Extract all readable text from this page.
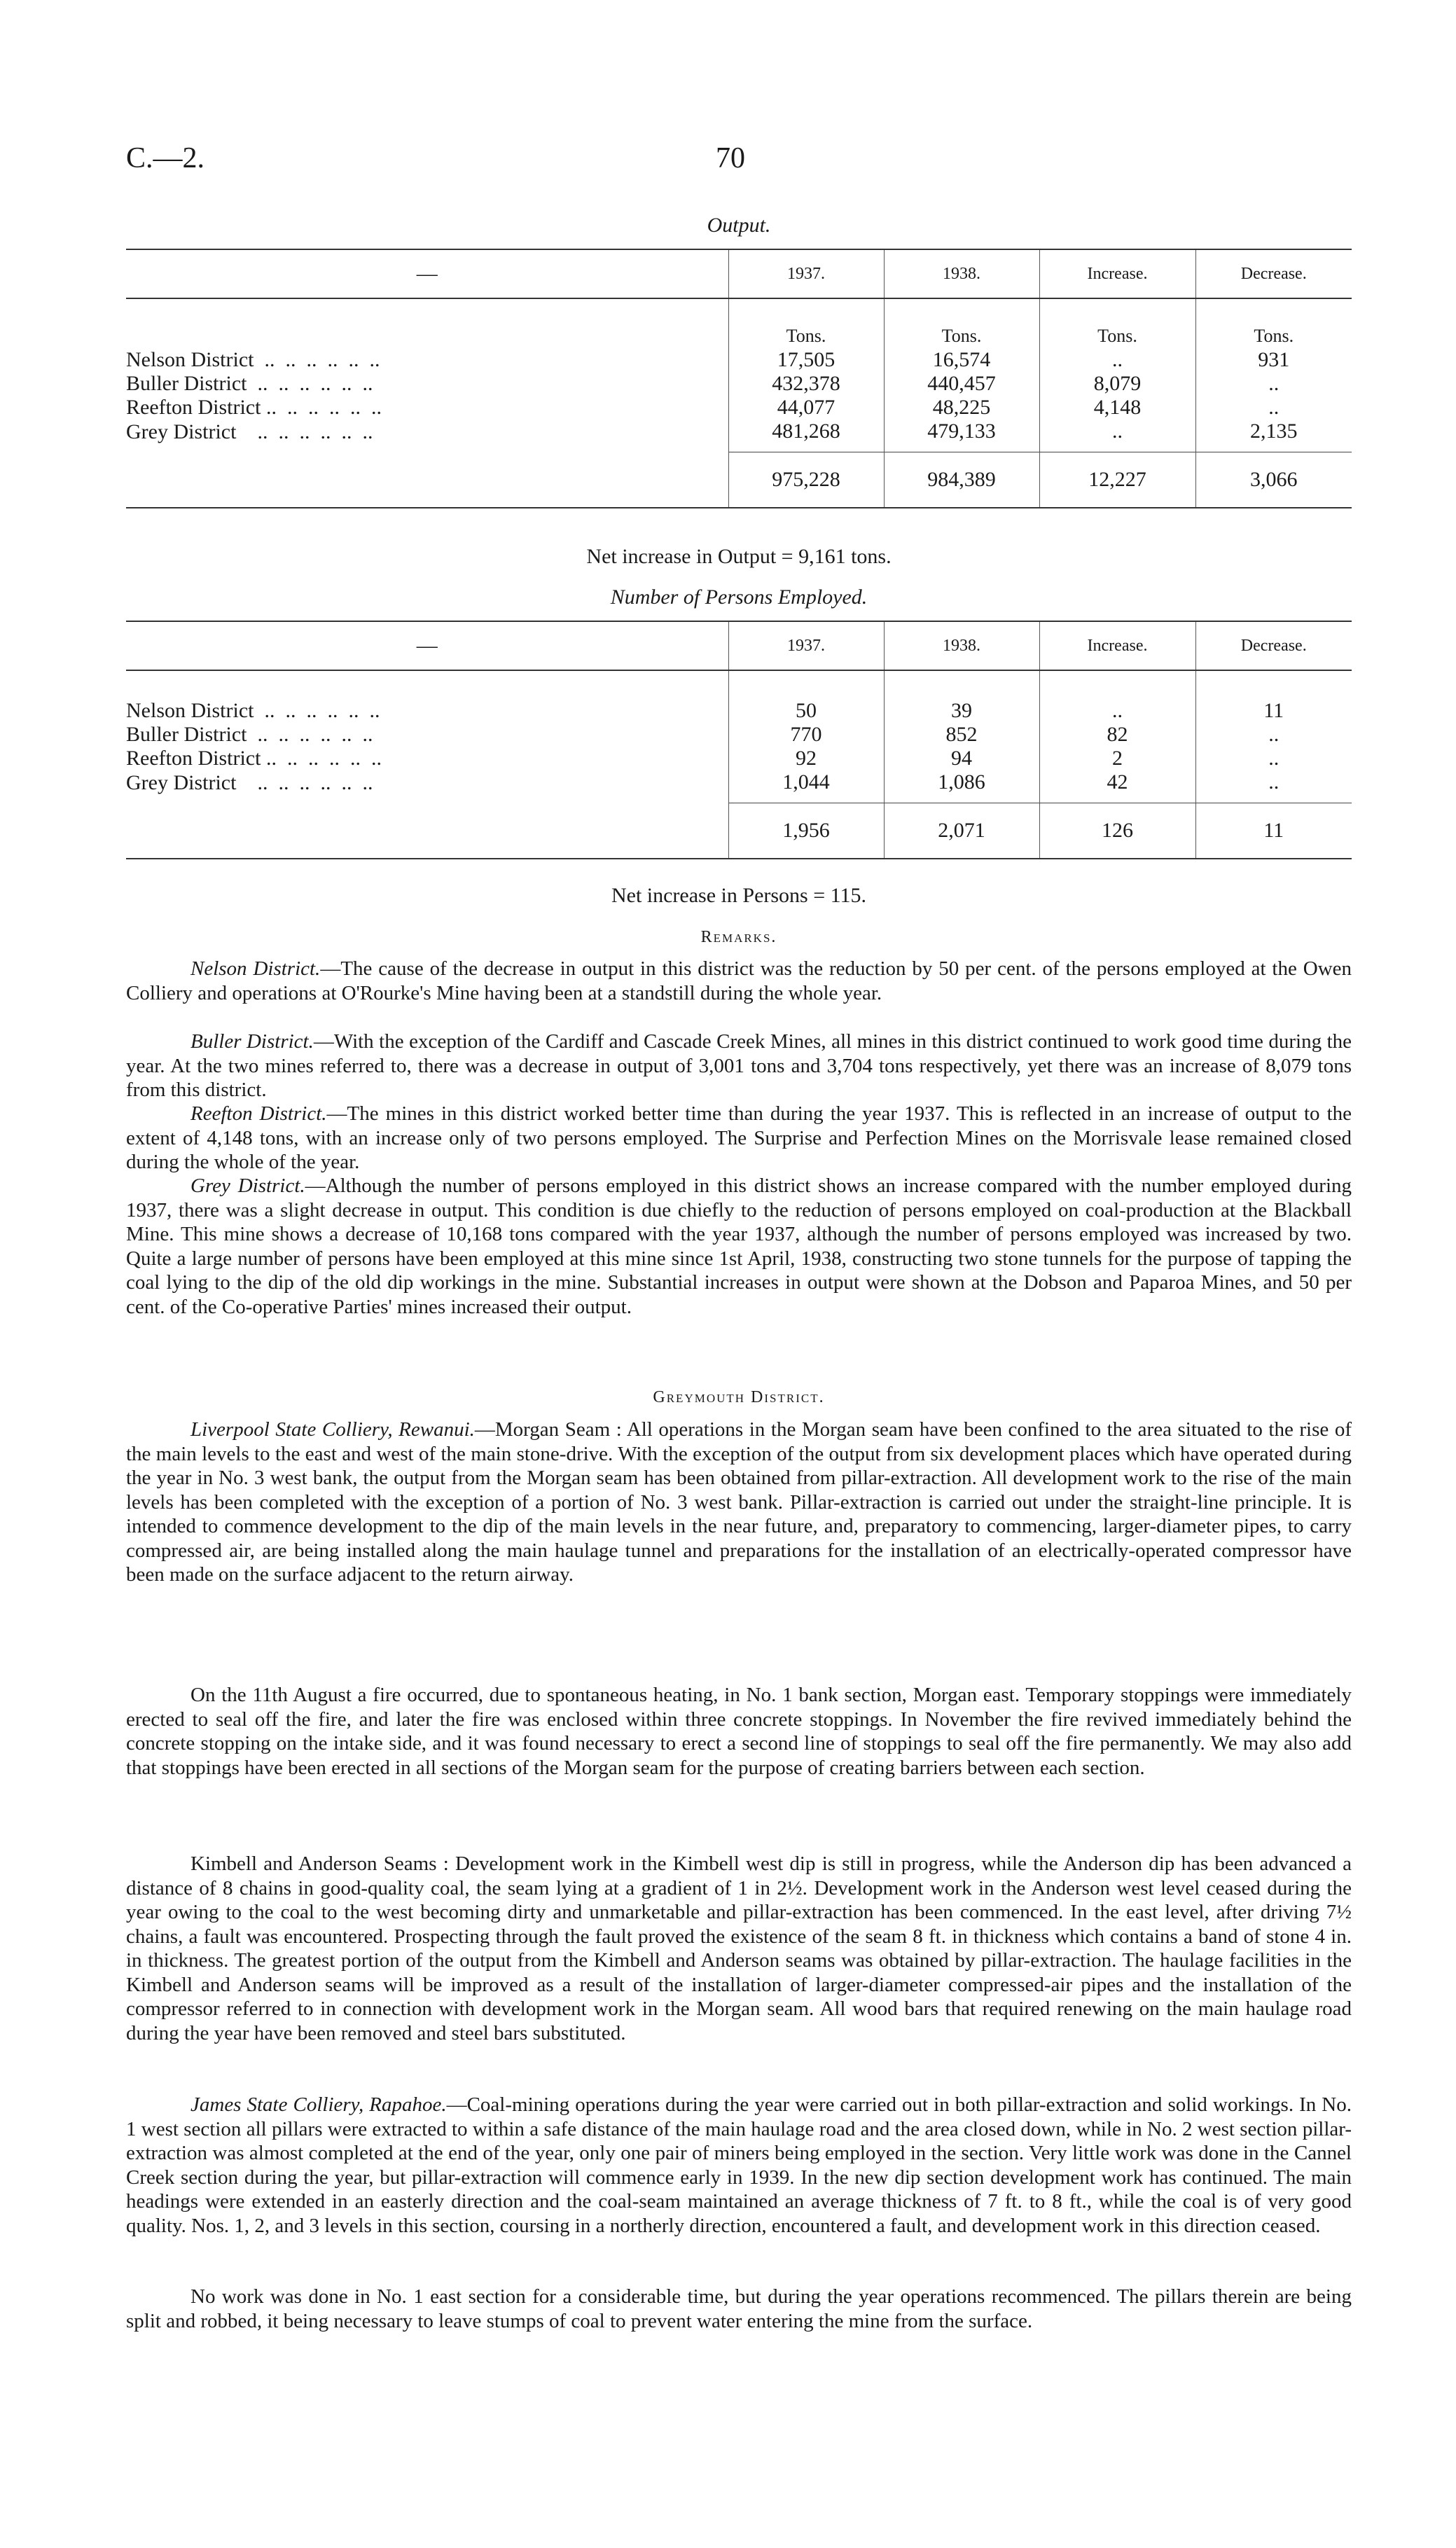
C.—2.	70
Output.
—	1937.	1938.	Increase.	Decrease.

	Tons.	Tons.	Tons.	Tons.
Nelson District  ..  ..  ..  ..  ..  ..	17,505	16,574	..	931
Buller District  ..  ..  ..  ..  ..  ..	432,378	440,457	8,079	..
Reefton District ..  ..  ..  ..  ..  ..	44,077	48,225	4,148	..
Grey District    ..  ..  ..  ..  ..  ..	481,268	479,133	..	2,135
	975,228	984,389	12,227	3,066
Net increase in Output = 9,161 tons.
Number of Persons Employed.
—	1937.	1938.	Increase.	Decrease.

Nelson District  ..  ..  ..  ..  ..  ..	50	39	..	11
Buller District  ..  ..  ..  ..  ..  ..	770	852	82	..
Reefton District ..  ..  ..  ..  ..  ..	92	94	2	..
Grey District    ..  ..  ..  ..  ..  ..	1,044	1,086	42	..
	1,956	2,071	126	11
Net increase in Persons = 115.
Remarks.

Nelson District.—The cause of the decrease in output in this district was the reduction by 50 per cent. of the persons employed at the Owen Colliery and operations at O'Rourke's Mine having been at a standstill during the whole year.

Buller District.—With the exception of the Cardiff and Cascade Creek Mines, all mines in this district continued to work good time during the year. At the two mines referred to, there was a decrease in output of 3,001 tons and 3,704 tons respectively, yet there was an increase of 8,079 tons from this district.

Reefton District.—The mines in this district worked better time than during the year 1937. This is reflected in an increase of output to the extent of 4,148 tons, with an increase only of two persons employed. The Surprise and Perfection Mines on the Morrisvale lease remained closed during the whole of the year.

Grey District.—Although the number of persons employed in this district shows an increase compared with the number employed during 1937, there was a slight decrease in output. This condition is due chiefly to the reduction of persons employed on coal-production at the Blackball Mine. This mine shows a decrease of 10,168 tons compared with the year 1937, although the number of persons employed was increased by two. Quite a large number of persons have been employed at this mine since 1st April, 1938, constructing two stone tunnels for the purpose of tapping the coal lying to the dip of the old dip workings in the mine. Substantial increases in output were shown at the Dobson and Paparoa Mines, and 50 per cent. of the Co-operative Parties' mines increased their output.

Greymouth District.

Liverpool State Colliery, Rewanui.—Morgan Seam : All operations in the Morgan seam have been confined to the area situated to the rise of the main levels to the east and west of the main stone-drive. With the exception of the output from six development places which have operated during the year in No. 3 west bank, the output from the Morgan seam has been obtained from pillar-extraction. All development work to the rise of the main levels has been completed with the exception of a portion of No. 3 west bank. Pillar-extraction is carried out under the straight-line principle. It is intended to commence development to the dip of the main levels in the near future, and, preparatory to commencing, larger-diameter pipes, to carry compressed air, are being installed along the main haulage tunnel and preparations for the installation of an electrically-operated compressor have been made on the surface adjacent to the return airway.

On the 11th August a fire occurred, due to spontaneous heating, in No. 1 bank section, Morgan east. Temporary stoppings were immediately erected to seal off the fire, and later the fire was enclosed within three concrete stoppings. In November the fire revived immediately behind the concrete stopping on the intake side, and it was found necessary to erect a second line of stoppings to seal off the fire permanently. We may also add that stoppings have been erected in all sections of the Morgan seam for the purpose of creating barriers between each section.

Kimbell and Anderson Seams : Development work in the Kimbell west dip is still in progress, while the Anderson dip has been advanced a distance of 8 chains in good-quality coal, the seam lying at a gradient of 1 in 2½. Development work in the Anderson west level ceased during the year owing to the coal to the west becoming dirty and unmarketable and pillar-extraction has been commenced. In the east level, after driving 7½ chains, a fault was encountered. Prospecting through the fault proved the existence of the seam 8 ft. in thickness which contains a band of stone 4 in. in thickness. The greatest portion of the output from the Kimbell and Anderson seams was obtained by pillar-extraction. The haulage facilities in the Kimbell and Anderson seams will be improved as a result of the installation of larger-diameter compressed-air pipes and the installation of the compressor referred to in connection with development work in the Morgan seam. All wood bars that required renewing on the main haulage road during the year have been removed and steel bars substituted.

James State Colliery, Rapahoe.—Coal-mining operations during the year were carried out in both pillar-extraction and solid workings. In No. 1 west section all pillars were extracted to within a safe distance of the main haulage road and the area closed down, while in No. 2 west section pillar-extraction was almost completed at the end of the year, only one pair of miners being employed in the section. Very little work was done in the Cannel Creek section during the year, but pillar-extraction will commence early in 1939. In the new dip section development work has continued. The main headings were extended in an easterly direction and the coal-seam maintained an average thickness of 7 ft. to 8 ft., while the coal is of very good quality. Nos. 1, 2, and 3 levels in this section, coursing in a northerly direction, encountered a fault, and development work in this direction ceased.

No work was done in No. 1 east section for a considerable time, but during the year operations recommenced. The pillars therein are being split and robbed, it being necessary to leave stumps of coal to prevent water entering the mine from the surface.
